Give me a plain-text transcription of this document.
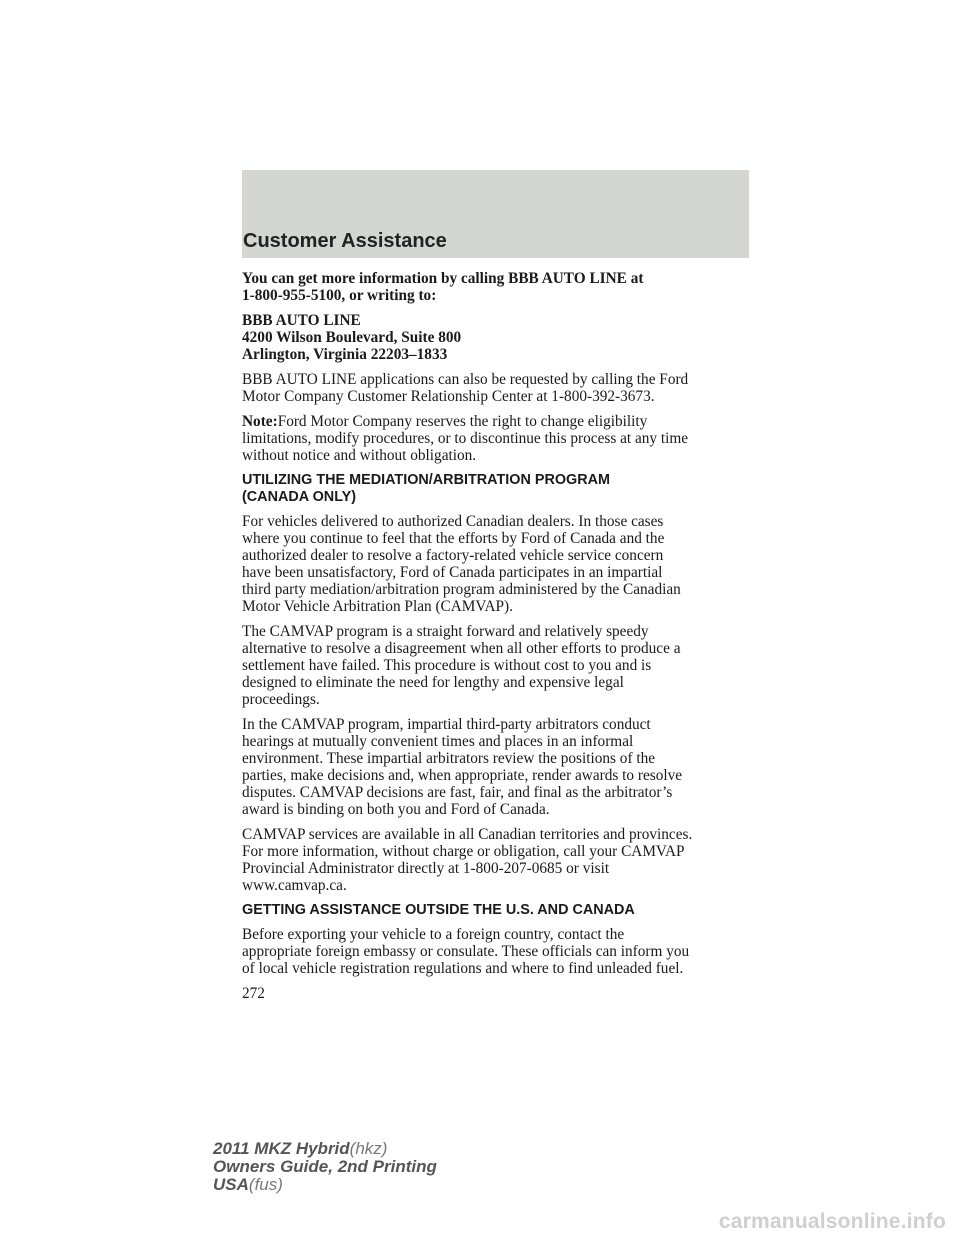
Customer Assistance

You can get more information by calling BBB AUTO LINE at
1-800-955-5100, or writing to:

BBB AUTO LINE
4200 Wilson Boulevard, Suite 800
Arlington, Virginia 22203–1833

BBB AUTO LINE applications can also be requested by calling the Ford
Motor Company Customer Relationship Center at 1-800-392-3673.

Note:Ford Motor Company reserves the right to change eligibility
limitations, modify procedures, or to discontinue this process at any time
without notice and without obligation.

UTILIZING THE MEDIATION/ARBITRATION PROGRAM
(CANADA ONLY)

For vehicles delivered to authorized Canadian dealers. In those cases
where you continue to feel that the efforts by Ford of Canada and the
authorized dealer to resolve a factory-related vehicle service concern
have been unsatisfactory, Ford of Canada participates in an impartial
third party mediation/arbitration program administered by the Canadian
Motor Vehicle Arbitration Plan (CAMVAP).

The CAMVAP program is a straight forward and relatively speedy
alternative to resolve a disagreement when all other efforts to produce a
settlement have failed. This procedure is without cost to you and is
designed to eliminate the need for lengthy and expensive legal
proceedings.

In the CAMVAP program, impartial third-party arbitrators conduct
hearings at mutually convenient times and places in an informal
environment. These impartial arbitrators review the positions of the
parties, make decisions and, when appropriate, render awards to resolve
disputes. CAMVAP decisions are fast, fair, and final as the arbitrator’s
award is binding on both you and Ford of Canada.

CAMVAP services are available in all Canadian territories and provinces.
For more information, without charge or obligation, call your CAMVAP
Provincial Administrator directly at 1-800-207-0685 or visit
www.camvap.ca.

GETTING ASSISTANCE OUTSIDE THE U.S. AND CANADA

Before exporting your vehicle to a foreign country, contact the
appropriate foreign embassy or consulate. These officials can inform you
of local vehicle registration regulations and where to find unleaded fuel.

272
2011 MKZ Hybrid(hkz)
Owners Guide, 2nd Printing
USA(fus)
carmanualsonline.info
